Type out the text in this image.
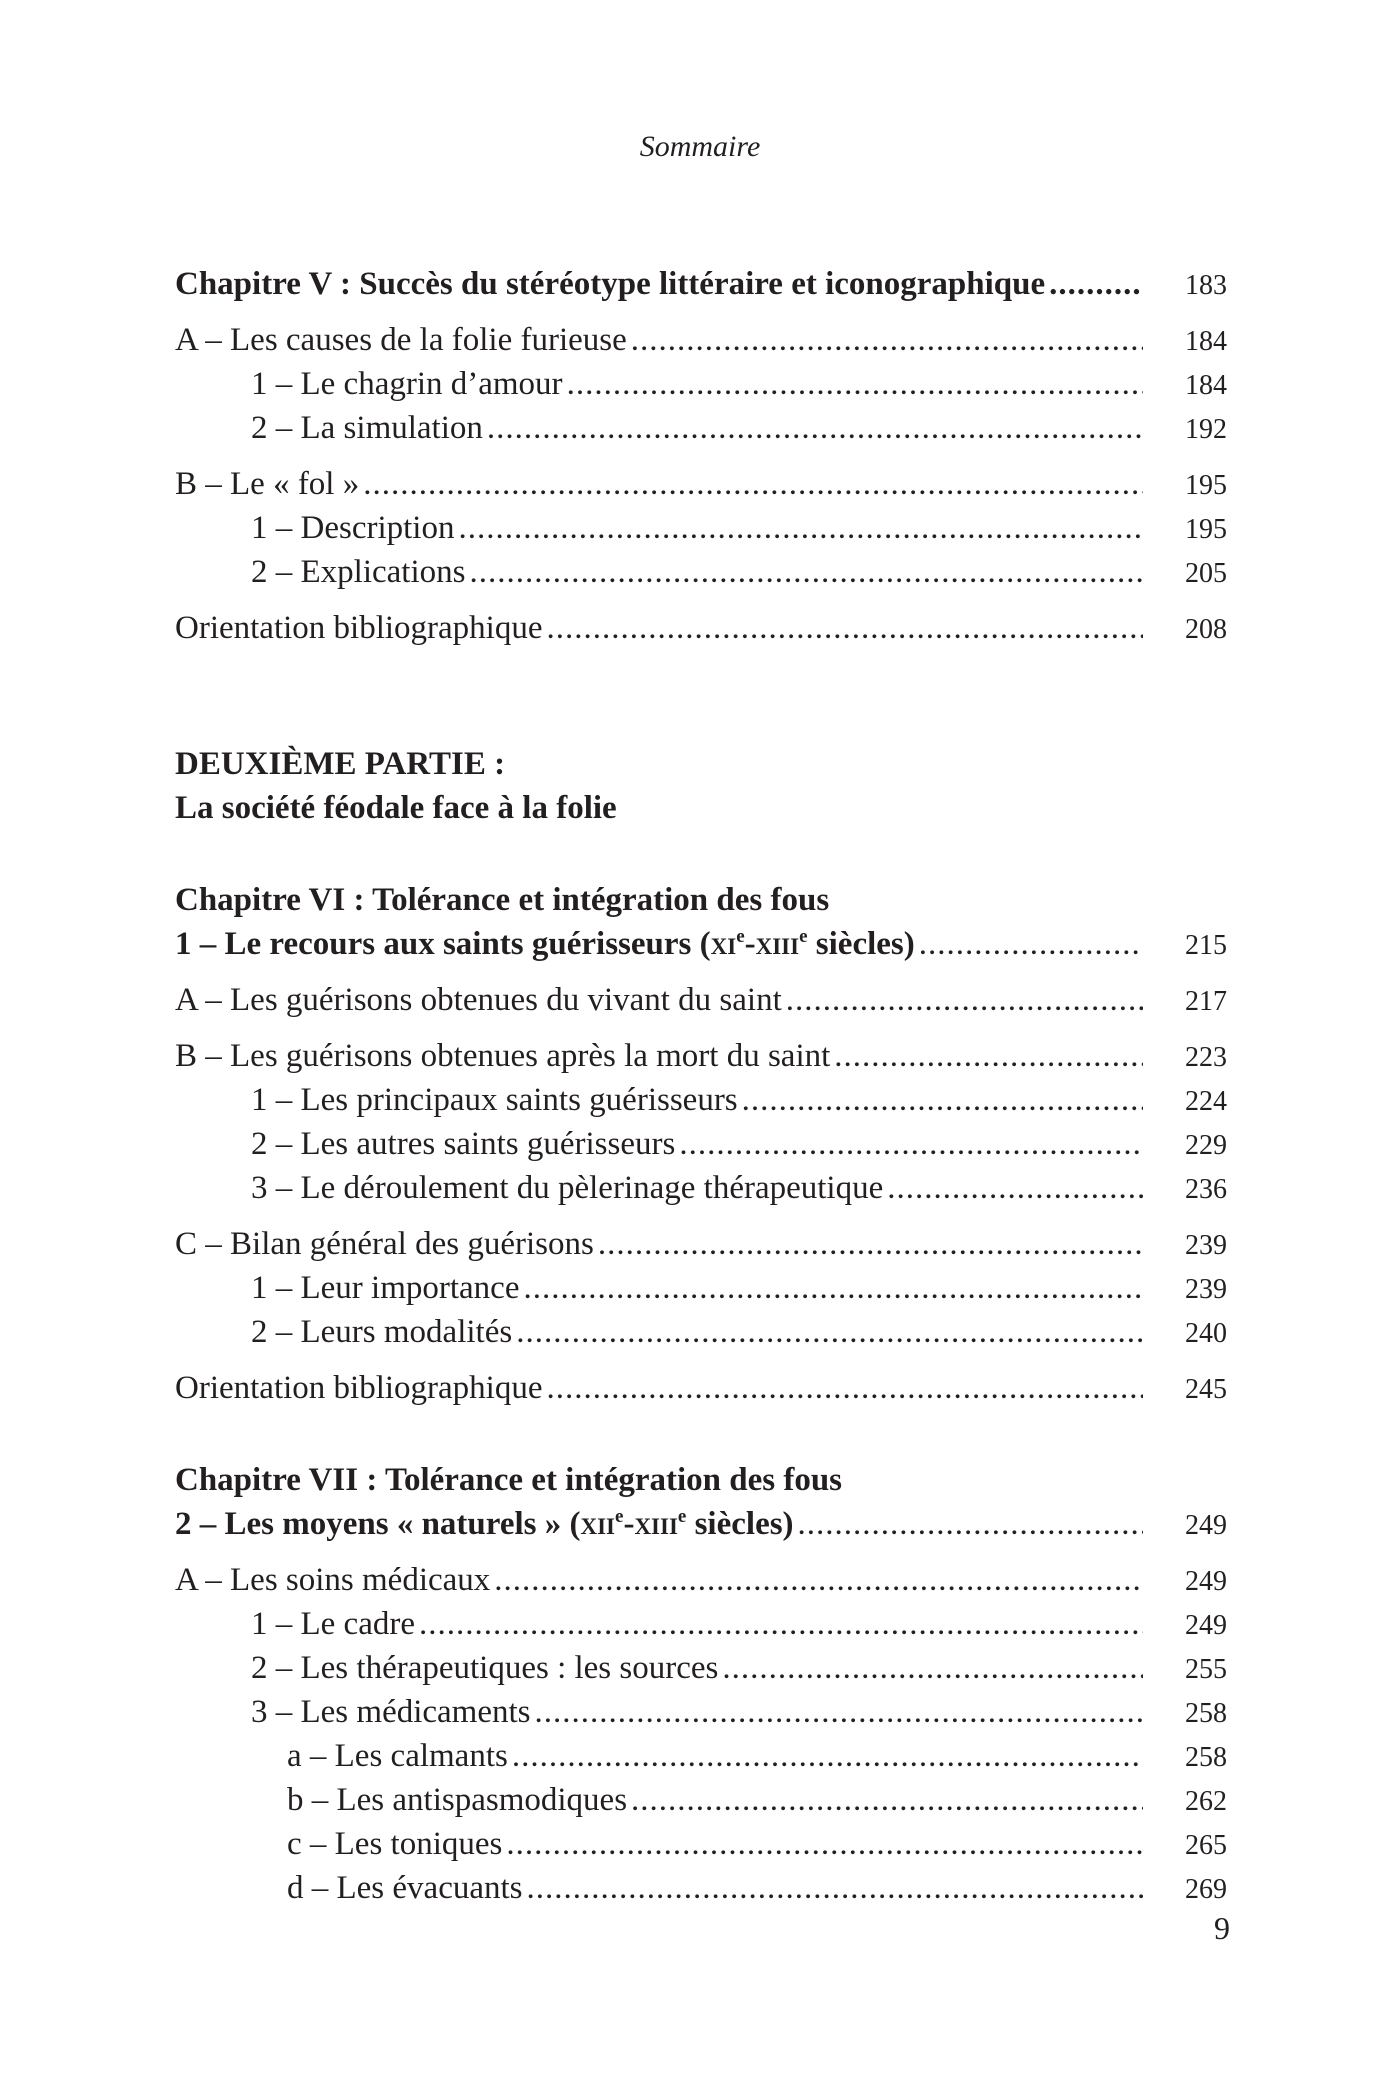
Sommaire
Chapitre V : Succès du stéréotype littéraire et iconographique .....	183
A – Les causes de la folie furieuse .....	184
1 – Le chagrin d’amour .....	184
2 – La simulation .....	192
B – Le « fol » .....	195
1 – Description .....	195
2 – Explications .....	205
Orientation bibliographique .....	208
DEUXIÈME PARTIE :
La société féodale face à la folie
Chapitre VI : Tolérance et intégration des fous
1 – Le recours aux saints guérisseurs ($xi^e-xiii^e$ siècles) .....	215
A – Les guérisons obtenues du vivant du saint .....	217
B – Les guérisons obtenues après la mort du saint .....	223
1 – Les principaux saints guérisseurs .....	224
2 – Les autres saints guérisseurs .....	229
3 – Le déroulement du pèlerinage thérapeutique .....	236
C – Bilan général des guérisons .....	239
1 – Leur importance .....	239
2 – Leurs modalités .....	240
Orientation bibliographique .....	245
Chapitre VII : Tolérance et intégration des fous
2 – Les moyens « naturels » (xii$^e$-xiii$^e$ siècles) .....	249
A – Les soins médicaux .....	249
1 – Le cadre .....	249
2 – Les thérapeutiques : les sources .....	255
3 – Les médicaments .....	258
a – Les calmants .....	258
b – Les antispasmodiques .....	262
c – Les toniques .....	265
d – Les évacuants .....	269
9
